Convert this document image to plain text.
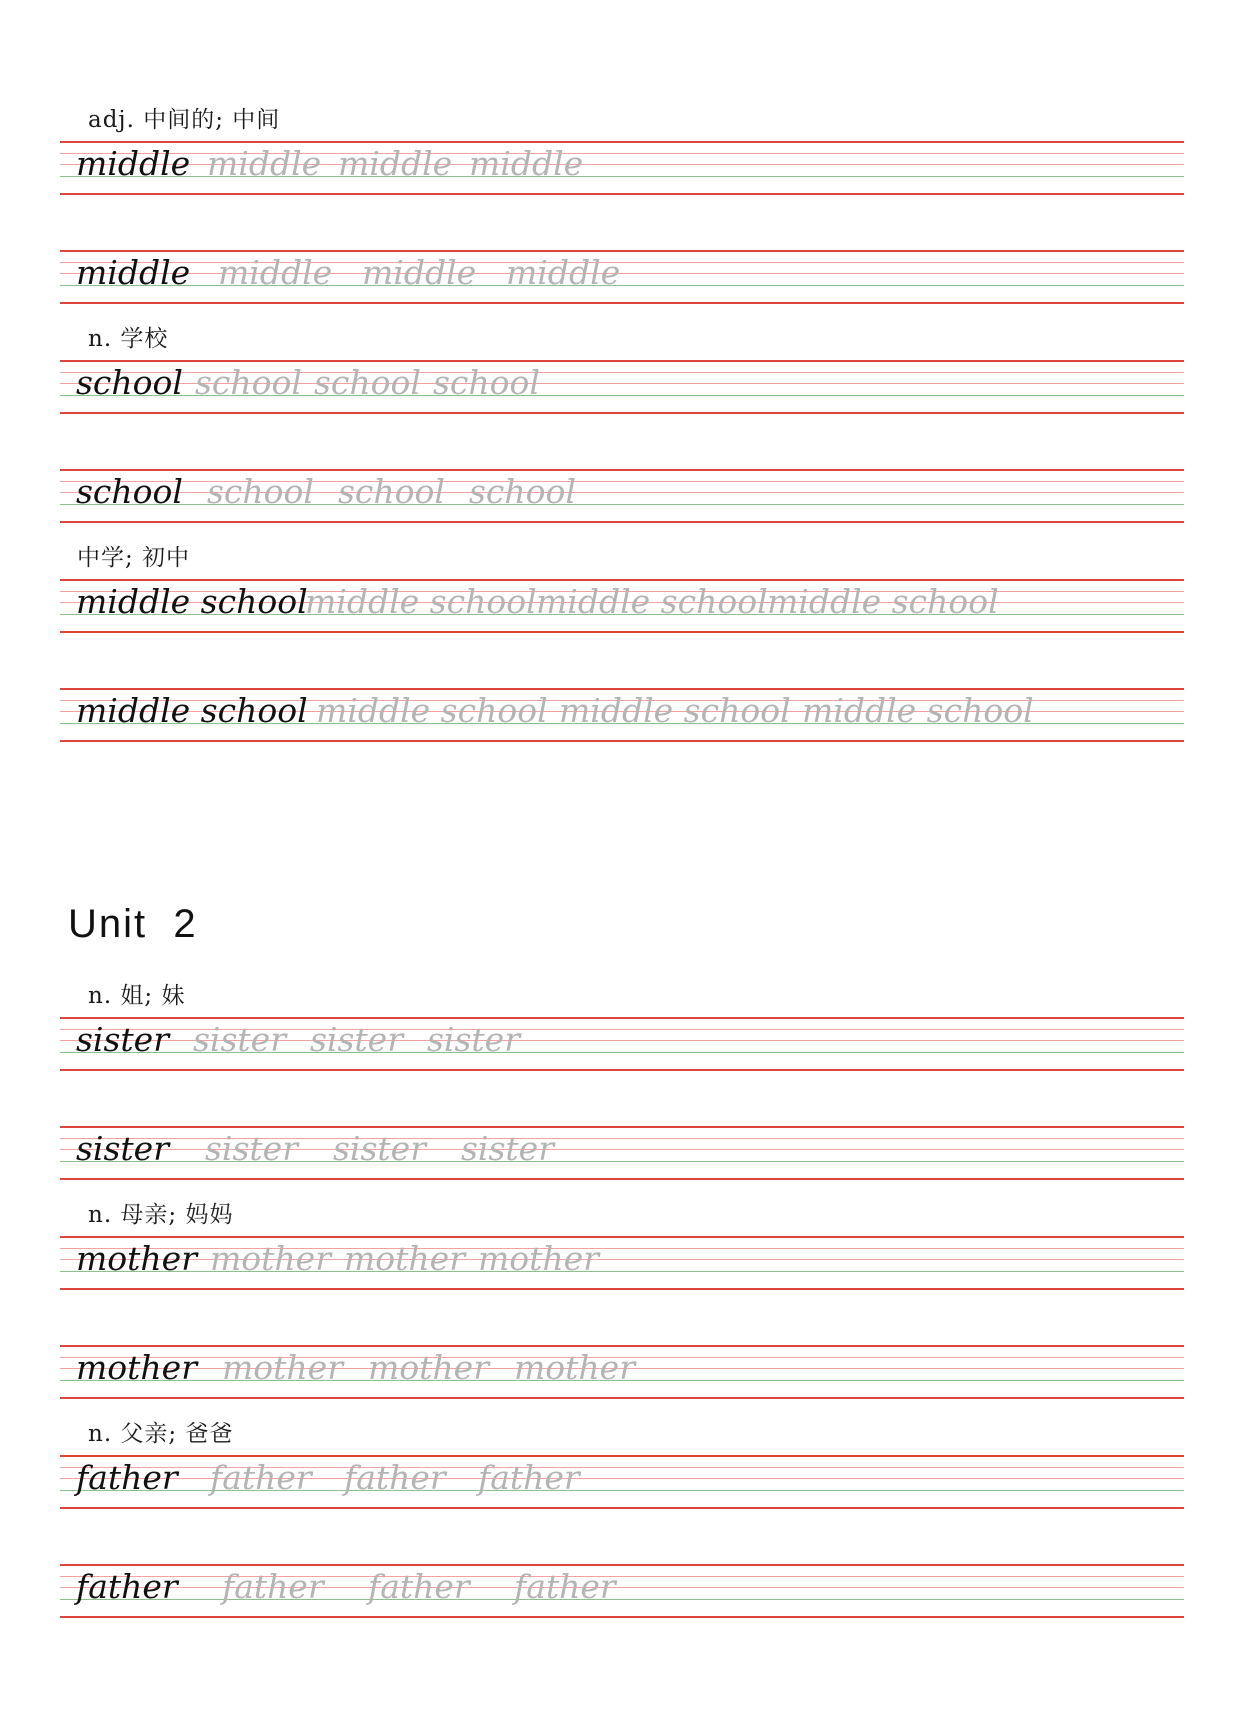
adj. 中间的; 中间
middle middle middle middle
middle middle middle middle
n. 学校
school school school school
school school school school
中学; 初中
middle school
middle school middle school middle school
middle school middle school middle school middle school
Unit  2
n. 姐; 妹
sister sister sister sister
sister sister sister sister
n. 母亲; 妈妈
mother mother mother mother
mother mother mother mother
n. 父亲; 爸爸
father father father father
father father father father
